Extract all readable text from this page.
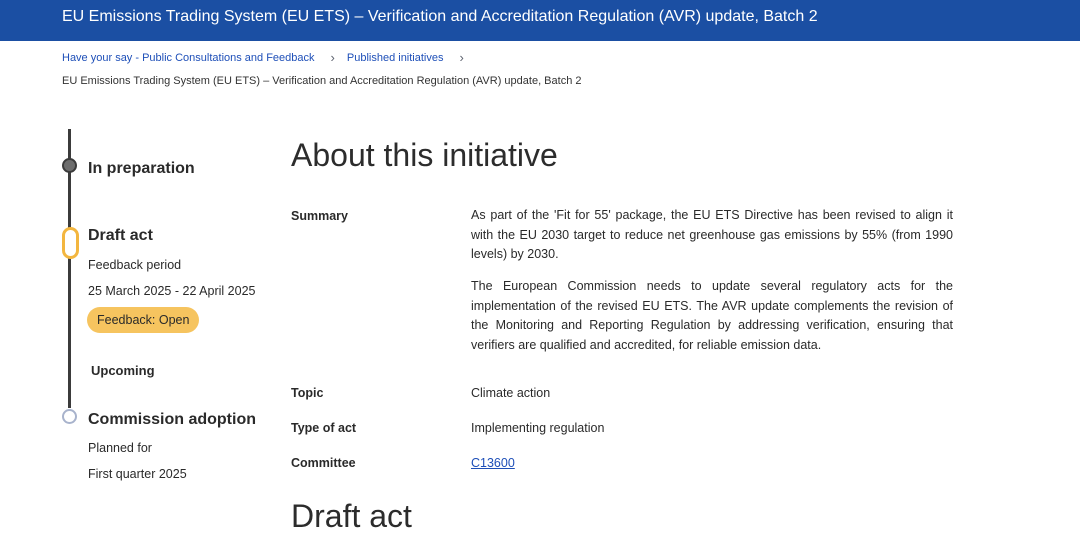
EU Emissions Trading System (EU ETS) – Verification and Accreditation Regulation (AVR) update, Batch 2
Have your say - Public Consultations and Feedback › Published initiatives ›
EU Emissions Trading System (EU ETS) – Verification and Accreditation Regulation (AVR) update, Batch 2
In preparation
Draft act
Feedback period
25 March 2025 - 22 April 2025
Feedback: Open
Upcoming
Commission adoption
Planned for
First quarter 2025
About this initiative
Summary	As part of the 'Fit for 55' package, the EU ETS Directive has been revised to align it with the EU 2030 target to reduce net greenhouse gas emissions by 55% (from 1990 levels) by 2030.

The European Commission needs to update several regulatory acts for the implementation of the revised EU ETS. The AVR update complements the revision of the Monitoring and Reporting Regulation by addressing verification, ensuring that verifiers are qualified and accredited, for reliable emission data.

Topic	Climate action
Type of act	Implementing regulation
Committee	C13600
Draft act
